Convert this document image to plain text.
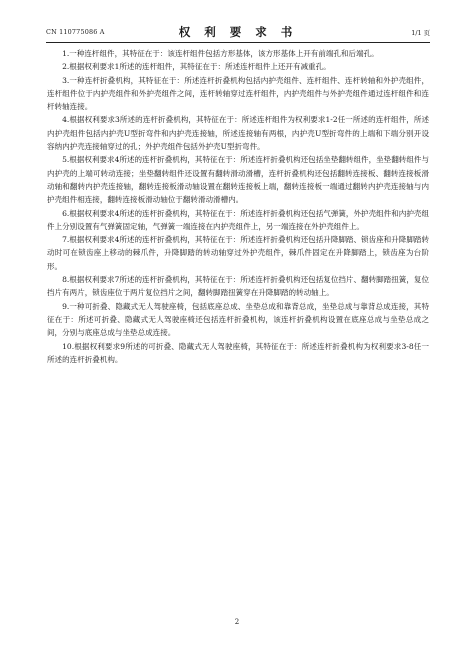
CN 110775086 A	权 利 要 求 书	1/1 页

1.一种连杆组件，其特征在于：该连杆组件包括方形基体，该方形基体上开有前端孔和后端孔。

2.根据权利要求1所述的连杆组件，其特征在于：所述连杆组件上还开有减重孔。

3.一种连杆折叠机构，其特征在于：所述连杆折叠机构包括内护壳组件、连杆组件、连杆转轴和外护壳组件，连杆组件位于内护壳组件和外护壳组件之间，连杆转轴穿过连杆组件，内护壳组件与外护壳组件通过连杆组件和连杆转轴连接。

4.根据权利要求3所述的连杆折叠机构，其特征在于：所述连杆组件为权利要求1-2任一所述的连杆组件，所述内护壳组件包括内护壳U型折弯件和内护壳连接轴，所述连接轴有两根，内护壳U型折弯件的上端和下端分别开设容纳内护壳连接轴穿过的孔；外护壳组件包括外护壳U型折弯件。

5.根据权利要求4所述的连杆折叠机构，其特征在于：所述连杆折叠机构还包括坐垫翻转组件，坐垫翻转组件与内护壳的上端可转动连接；坐垫翻转组件还设置有翻转滑动滑槽，连杆折叠机构还包括翻转连接板、翻转连接板滑动轴和翻转内护壳连接轴，翻转连接板滑动轴设置在翻转连接板上端，翻转连接板一端通过翻转内护壳连接轴与内护壳组件相连接，翻转连接板滑动轴位于翻转滑动滑槽内。

6.根据权利要求4所述的连杆折叠机构，其特征在于：所述连杆折叠机构还包括气弹簧，外护壳组件和内护壳组件上分别设置有气弹簧固定轴，气弹簧一端连接在内护壳组件上，另一端连接在外护壳组件上。

7.根据权利要求4所述的连杆折叠机构，其特征在于：所述连杆折叠机构还包括升降脚踏、锁齿座和升降脚踏转动时可在锁齿座上移动的棘爪件，升降脚踏的转动轴穿过外护壳组件，棘爪件固定在升降脚踏上，锁齿座为台阶形。

8.根据权利要求7所述的连杆折叠机构，其特征在于：所述连杆折叠机构还包括复位挡片、翻转脚踏扭簧，复位挡片有两片，锁齿座位于两片复位挡片之间，翻转脚踏扭簧穿在升降脚踏的转动轴上。

9.一种可折叠、隐藏式无人驾驶座椅，包括底座总成、坐垫总成和靠背总成，坐垫总成与靠背总成连接，其特征在于：所述可折叠、隐藏式无人驾驶座椅还包括连杆折叠机构，该连杆折叠机构设置在底座总成与坐垫总成之间，分别与底座总成与坐垫总成连接。

10.根据权利要求9所述的可折叠、隐藏式无人驾驶座椅，其特征在于：所述连杆折叠机构为权利要求3-8任一所述的连杆折叠机构。

2
